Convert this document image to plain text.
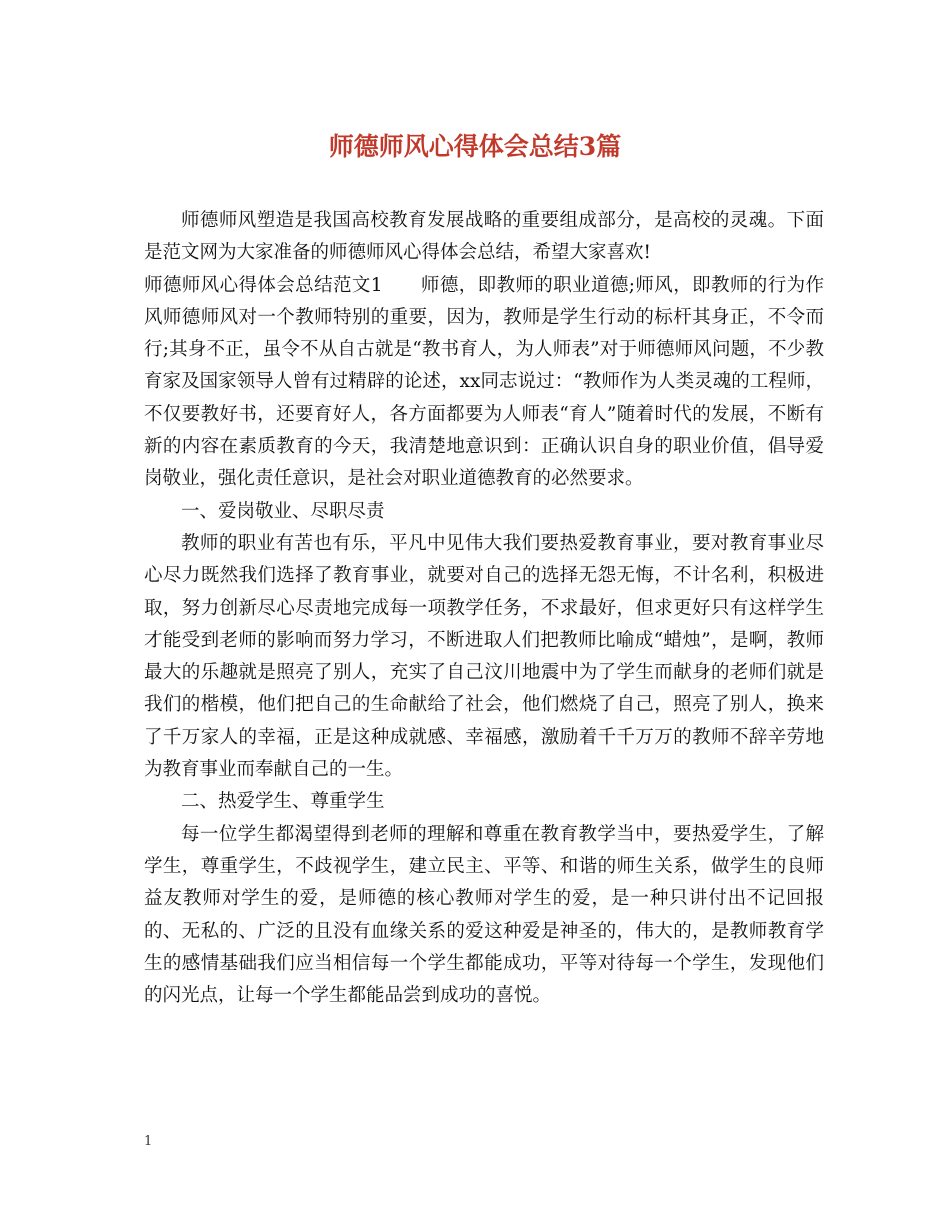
师德师风心得体会总结3篇

师德师风塑造是我国高校教育发展战略的重要组成部分，是高校的灵魂。下面是范文网为大家准备的师德师风心得体会总结，希望大家喜欢!

师德师风心得体会总结范文1 师德，即教师的职业道德;师风，即教师的行为作风师德师风对一个教师特别的重要，因为，教师是学生行动的标杆其身正，不令而行;其身不正，虽令不从自古就是“教书育人，为人师表”对于师德师风问题，不少教育家及国家领导人曾有过精辟的论述，xx同志说过：“教师作为人类灵魂的工程师，不仅要教好书，还要育好人，各方面都要为人师表“育人”随着时代的发展，不断有新的内容在素质教育的今天，我清楚地意识到：正确认识自身的职业价值，倡导爱岗敬业，强化责任意识，是社会对职业道德教育的必然要求。

一、爱岗敬业、尽职尽责

教师的职业有苦也有乐，平凡中见伟大我们要热爱教育事业，要对教育事业尽心尽力既然我们选择了教育事业，就要对自己的选择无怨无悔，不计名利，积极进取，努力创新尽心尽责地完成每一项教学任务，不求最好，但求更好只有这样学生才能受到老师的影响而努力学习，不断进取人们把教师比喻成“蜡烛”，是啊，教师最大的乐趣就是照亮了别人，充实了自己汶川地震中为了学生而献身的老师们就是我们的楷模，他们把自己的生命献给了社会，他们燃烧了自己，照亮了别人，换来了千万家人的幸福，正是这种成就感、幸福感，激励着千千万万的教师不辞辛劳地为教育事业而奉献自己的一生。

二、热爱学生、尊重学生

每一位学生都渴望得到老师的理解和尊重在教育教学当中，要热爱学生，了解学生，尊重学生，不歧视学生，建立民主、平等、和谐的师生关系，做学生的良师益友教师对学生的爱，是师德的核心教师对学生的爱，是一种只讲付出不记回报的、无私的、广泛的且没有血缘关系的爱这种爱是神圣的，伟大的，是教师教育学生的感情基础我们应当相信每一个学生都能成功，平等对待每一个学生，发现他们的闪光点，让每一个学生都能品尝到成功的喜悦。

1
